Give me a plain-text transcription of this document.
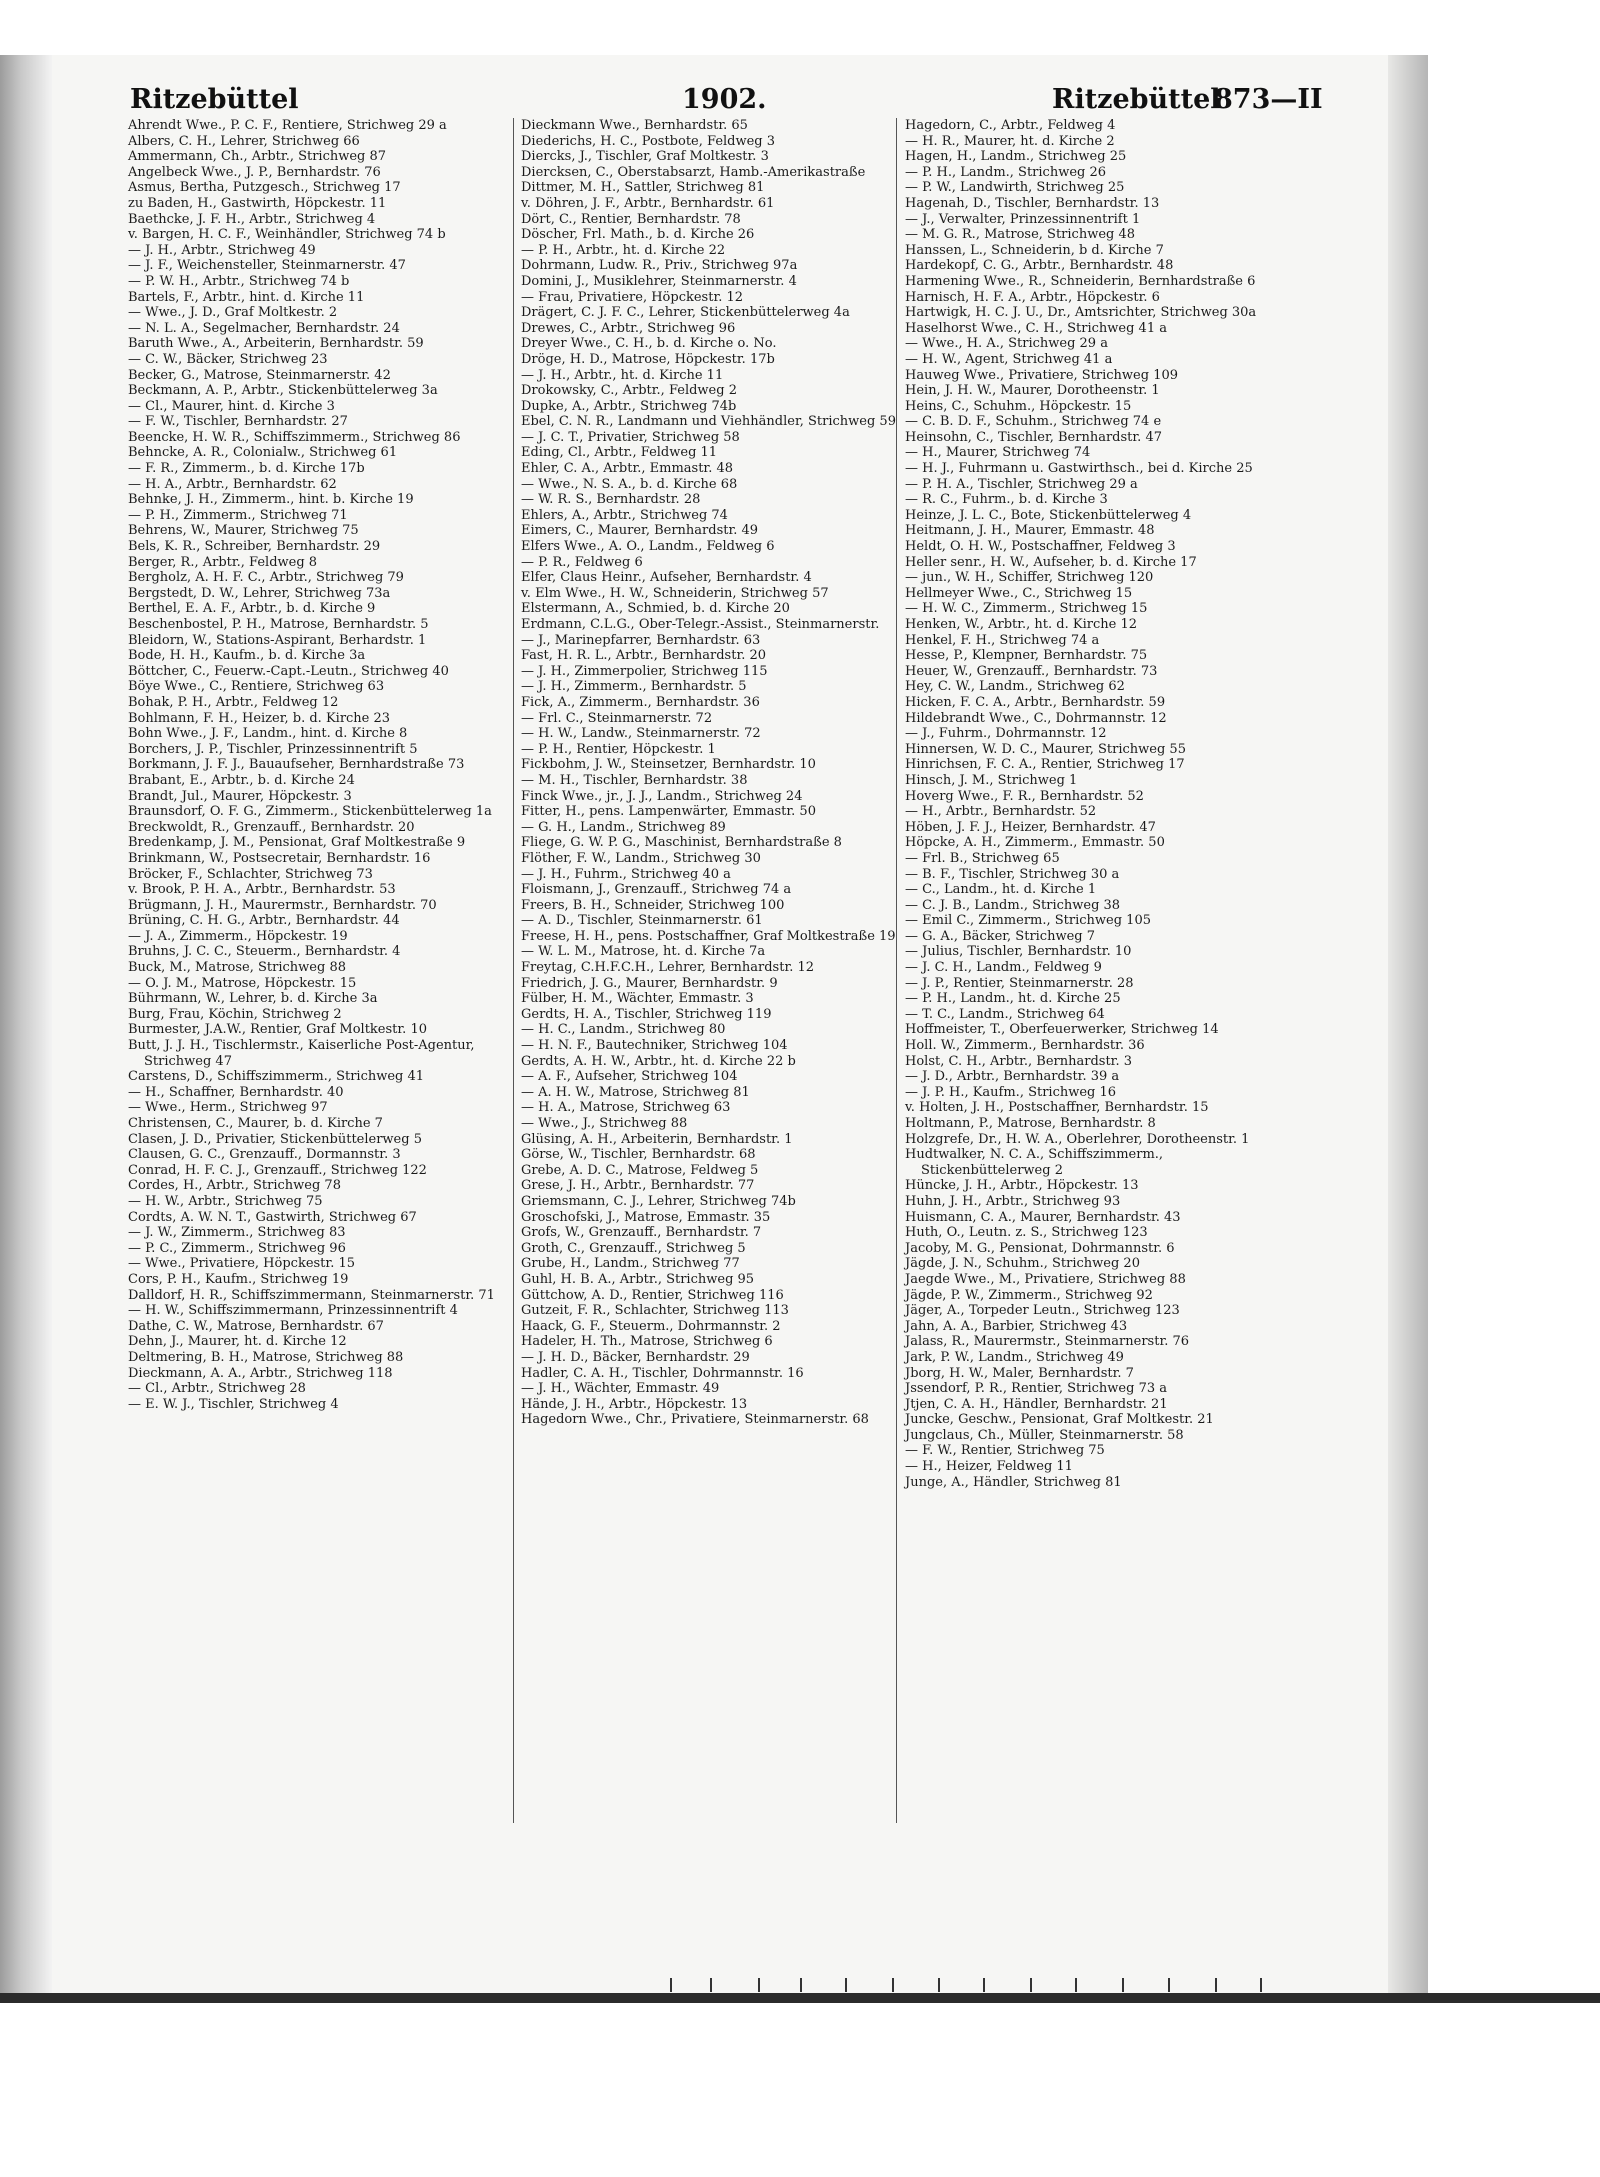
Ritzebüttel	1902.	Ritzebüttel
873—II
Ahrendt Wwe., P. C. F., Rentiere, Strichweg 29 a
Albers, C. H., Lehrer, Strichweg 66
Ammermann, Ch., Arbtr., Strichweg 87
Angelbeck Wwe., J. P., Bernhardstr. 76
Asmus, Bertha, Putzgesch., Strichweg 17
zu Baden, H., Gastwirth, Höpckestr. 11
Baethcke, J. F. H., Arbtr., Strichweg 4
v. Bargen, H. C. F., Weinhändler, Strichweg 74 b
— J. H., Arbtr., Strichweg 49
— J. F., Weichensteller, Steinmarnerstr. 47
— P. W. H., Arbtr., Strichweg 74 b
Bartels, F., Arbtr., hint. d. Kirche 11
— Wwe., J. D., Graf Moltkestr. 2
— N. L. A., Segelmacher, Bernhardstr. 24
Baruth Wwe., A., Arbeiterin, Bernhardstr. 59
— C. W., Bäcker, Strichweg 23
Becker, G., Matrose, Steinmarnerstr. 42
Beckmann, A. P., Arbtr., Stickenbüttelerweg 3a
— Cl., Maurer, hint. d. Kirche 3
— F. W., Tischler, Bernhardstr. 27
Beencke, H. W. R., Schiffszimmerm., Strichweg 86
Behncke, A. R., Colonialw., Strichweg 61
— F. R., Zimmerm., b. d. Kirche 17b
— H. A., Arbtr., Bernhardstr. 62
Behnke, J. H., Zimmerm., hint. b. Kirche 19
— P. H., Zimmerm., Strichweg 71
Behrens, W., Maurer, Strichweg 75
Bels, K. R., Schreiber, Bernhardstr. 29
Berger, R., Arbtr., Feldweg 8
Bergholz, A. H. F. C., Arbtr., Strichweg 79
Bergstedt, D. W., Lehrer, Strichweg 73a
Berthel, E. A. F., Arbtr., b. d. Kirche 9
Beschenbostel, P. H., Matrose, Bernhardstr. 5
Bleidorn, W., Stations-Aspirant, Berhardstr. 1
Bode, H. H., Kaufm., b. d. Kirche 3a
Böttcher, C., Feuerw.-Capt.-Leutn., Strichweg 40
Böye Wwe., C., Rentiere, Strichweg 63
Bohak, P. H., Arbtr., Feldweg 12
Bohlmann, F. H., Heizer, b. d. Kirche 23
Bohn Wwe., J. F., Landm., hint. d. Kirche 8
Borchers, J. P., Tischler, Prinzessinnentrift 5
Borkmann, J. F. J., Bauaufseher, Bernhardstraße 73
Brabant, E., Arbtr., b. d. Kirche 24
Brandt, Jul., Maurer, Höpckestr. 3
Braunsdorf, O. F. G., Zimmerm., Stickenbüttelerweg 1a
Breckwoldt, R., Grenzauff., Bernhardstr. 20
Bredenkamp, J. M., Pensionat, Graf Moltkestraße 9
Brinkmann, W., Postsecretair, Bernhardstr. 16
Bröcker, F., Schlachter, Strichweg 73
v. Brook, P. H. A., Arbtr., Bernhardstr. 53
Brügmann, J. H., Maurermstr., Bernhardstr. 70
Brüning, C. H. G., Arbtr., Bernhardstr. 44
— J. A., Zimmerm., Höpckestr. 19
Bruhns, J. C. C., Steuerm., Bernhardstr. 4
Buck, M., Matrose, Strichweg 88
— O. J. M., Matrose, Höpckestr. 15
Bührmann, W., Lehrer, b. d. Kirche 3a
Burg, Frau, Köchin, Strichweg 2
Burmester, J.A.W., Rentier, Graf Moltkestr. 10
Butt, J. J. H., Tischlermstr., Kaiserliche Post-Agentur, Strichweg 47
Carstens, D., Schiffszimmerm., Strichweg 41
— H., Schaffner, Bernhardstr. 40
— Wwe., Herm., Strichweg 97
Christensen, C., Maurer, b. d. Kirche 7
Clasen, J. D., Privatier, Stickenbüttelerweg 5
Clausen, G. C., Grenzauff., Dormannstr. 3
Conrad, H. F. C. J., Grenzauff., Strichweg 122
Cordes, H., Arbtr., Strichweg 78
— H. W., Arbtr., Strichweg 75
Cordts, A. W. N. T., Gastwirth, Strichweg 67
— J. W., Zimmerm., Strichweg 83
— P. C., Zimmerm., Strichweg 96
— Wwe., Privatiere, Höpckestr. 15
Cors, P. H., Kaufm., Strichweg 19
Dalldorf, H. R., Schiffszimmermann, Steinmarnerstr. 71
— H. W., Schiffszimmermann, Prinzessinnentrift 4
Dathe, C. W., Matrose, Bernhardstr. 67
Dehn, J., Maurer, ht. d. Kirche 12
Deltmering, B. H., Matrose, Strichweg 88
Dieckmann, A. A., Arbtr., Strichweg 118
— Cl., Arbtr., Strichweg 28
— E. W. J., Tischler, Strichweg 4
Dieckmann Wwe., Bernhardstr. 65
Diederichs, H. C., Postbote, Feldweg 3
Diercks, J., Tischler, Graf Moltkestr. 3
Diercksen, C., Oberstabsarzt, Hamb.-Amerikastraße
Dittmer, M. H., Sattler, Strichweg 81
v. Döhren, J. F., Arbtr., Bernhardstr. 61
Dört, C., Rentier, Bernhardstr. 78
Döscher, Frl. Math., b. d. Kirche 26
— P. H., Arbtr., ht. d. Kirche 22
Dohrmann, Ludw. R., Priv., Strichweg 97a
Domini, J., Musiklehrer, Steinmarnerstr. 4
— Frau, Privatiere, Höpckestr. 12
Drägert, C. J. F. C., Lehrer, Stickenbüttelerweg 4a
Drewes, C., Arbtr., Strichweg 96
Dreyer Wwe., C. H., b. d. Kirche o. No.
Dröge, H. D., Matrose, Höpckestr. 17b
— J. H., Arbtr., ht. d. Kirche 11
Drokowsky, C., Arbtr., Feldweg 2
Dupke, A., Arbtr., Strichweg 74b
Ebel, C. N. R., Landmann und Viehhändler, Strichweg 59
— J. C. T., Privatier, Strichweg 58
Eding, Cl., Arbtr., Feldweg 11
Ehler, C. A., Arbtr., Emmastr. 48
— Wwe., N. S. A., b. d. Kirche 68
— W. R. S., Bernhardstr. 28
Ehlers, A., Arbtr., Strichweg 74
Eimers, C., Maurer, Bernhardstr. 49
Elfers Wwe., A. O., Landm., Feldweg 6
— P. R., Feldweg 6
Elfer, Claus Heinr., Aufseher, Bernhardstr. 4
v. Elm Wwe., H. W., Schneiderin, Strichweg 57
Elstermann, A., Schmied, b. d. Kirche 20
Erdmann, C.L.G., Ober-Telegr.-Assist., Steinmarnerstr.
— J., Marinepfarrer, Bernhardstr. 63
Fast, H. R. L., Arbtr., Bernhardstr. 20
— J. H., Zimmerpolier, Strichweg 115
— J. H., Zimmerm., Bernhardstr. 5
Fick, A., Zimmerm., Bernhardstr. 36
— Frl. C., Steinmarnerstr. 72
— H. W., Landw., Steinmarnerstr. 72
— P. H., Rentier, Höpckestr. 1
Fickbohm, J. W., Steinsetzer, Bernhardstr. 10
— M. H., Tischler, Bernhardstr. 38
Finck Wwe., jr., J. J., Landm., Strichweg 24
Fitter, H., pens. Lampenwärter, Emmastr. 50
— G. H., Landm., Strichweg 89
Fliege, G. W. P. G., Maschinist, Bernhardstraße 8
Flöther, F. W., Landm., Strichweg 30
— J. H., Fuhrm., Strichweg 40 a
Floismann, J., Grenzauff., Strichweg 74 a
Freers, B. H., Schneider, Strichweg 100
— A. D., Tischler, Steinmarnerstr. 61
Freese, H. H., pens. Postschaffner, Graf Moltkestraße 19
— W. L. M., Matrose, ht. d. Kirche 7a
Freytag, C.H.F.C.H., Lehrer, Bernhardstr. 12
Friedrich, J. G., Maurer, Bernhardstr. 9
Fülber, H. M., Wächter, Emmastr. 3
Gerdts, H. A., Tischler, Strichweg 119
— H. C., Landm., Strichweg 80
— H. N. F., Bautechniker, Strichweg 104
Gerdts, A. H. W., Arbtr., ht. d. Kirche 22 b
— A. F., Aufseher, Strichweg 104
— A. H. W., Matrose, Strichweg 81
— H. A., Matrose, Strichweg 63
— Wwe., J., Strichweg 88
Glüsing, A. H., Arbeiterin, Bernhardstr. 1
Görse, W., Tischler, Bernhardstr. 68
Grebe, A. D. C., Matrose, Feldweg 5
Grese, J. H., Arbtr., Bernhardstr. 77
Griemsmann, C. J., Lehrer, Strichweg 74b
Groschofski, J., Matrose, Emmastr. 35
Grofs, W., Grenzauff., Bernhardstr. 7
Groth, C., Grenzauff., Strichweg 5
Grube, H., Landm., Strichweg 77
Guhl, H. B. A., Arbtr., Strichweg 95
Güttchow, A. D., Rentier, Strichweg 116
Gutzeit, F. R., Schlachter, Strichweg 113
Haack, G. F., Steuerm., Dohrmannstr. 2
Hadeler, H. Th., Matrose, Strichweg 6
— J. H. D., Bäcker, Bernhardstr. 29
Hadler, C. A. H., Tischler, Dohrmannstr. 16
— J. H., Wächter, Emmastr. 49
Hände, J. H., Arbtr., Höpckestr. 13
Hagedorn Wwe., Chr., Privatiere, Steinmarnerstr. 68
Hagedorn, C., Arbtr., Feldweg 4
— H. R., Maurer, ht. d. Kirche 2
Hagen, H., Landm., Strichweg 25
— P. H., Landm., Strichweg 26
— P. W., Landwirth, Strichweg 25
Hagenah, D., Tischler, Bernhardstr. 13
— J., Verwalter, Prinzessinnentrift 1
— M. G. R., Matrose, Strichweg 48
Hanssen, L., Schneiderin, b d. Kirche 7
Hardekopf, C. G., Arbtr., Bernhardstr. 48
Harmening Wwe., R., Schneiderin, Bernhardstraße 6
Harnisch, H. F. A., Arbtr., Höpckestr. 6
Hartwigk, H. C. J. U., Dr., Amtsrichter, Strichweg 30a
Haselhorst Wwe., C. H., Strichweg 41 a
— Wwe., H. A., Strichweg 29 a
— H. W., Agent, Strichweg 41 a
Hauweg Wwe., Privatiere, Strichweg 109
Hein, J. H. W., Maurer, Dorotheenstr. 1
Heins, C., Schuhm., Höpckestr. 15
— C. B. D. F., Schuhm., Strichweg 74 e
Heinsohn, C., Tischler, Bernhardstr. 47
— H., Maurer, Strichweg 74
— H. J., Fuhrmann u. Gastwirthsch., bei d. Kirche 25
— P. H. A., Tischler, Strichweg 29 a
— R. C., Fuhrm., b. d. Kirche 3
Heinze, J. L. C., Bote, Stickenbüttelerweg 4
Heitmann, J. H., Maurer, Emmastr. 48
Heldt, O. H. W., Postschaffner, Feldweg 3
Heller senr., H. W., Aufseher, b. d. Kirche 17
— jun., W. H., Schiffer, Strichweg 120
Hellmeyer Wwe., C., Strichweg 15
— H. W. C., Zimmerm., Strichweg 15
Henken, W., Arbtr., ht. d. Kirche 12
Henkel, F. H., Strichweg 74 a
Hesse, P., Klempner, Bernhardstr. 75
Heuer, W., Grenzauff., Bernhardstr. 73
Hey, C. W., Landm., Strichweg 62
Hicken, F. C. A., Arbtr., Bernhardstr. 59
Hildebrandt Wwe., C., Dohrmannstr. 12
— J., Fuhrm., Dohrmannstr. 12
Hinnersen, W. D. C., Maurer, Strichweg 55
Hinrichsen, F. C. A., Rentier, Strichweg 17
Hinsch, J. M., Strichweg 1
Hoverg Wwe., F. R., Bernhardstr. 52
— H., Arbtr., Bernhardstr. 52
Höben, J. F. J., Heizer, Bernhardstr. 47
Höpcke, A. H., Zimmerm., Emmastr. 50
— Frl. B., Strichweg 65
— B. F., Tischler, Strichweg 30 a
— C., Landm., ht. d. Kirche 1
— C. J. B., Landm., Strichweg 38
— Emil C., Zimmerm., Strichweg 105
— G. A., Bäcker, Strichweg 7
— Julius, Tischler, Bernhardstr. 10
— J. C. H., Landm., Feldweg 9
— J. P., Rentier, Steinmarnerstr. 28
— P. H., Landm., ht. d. Kirche 25
— T. C., Landm., Strichweg 64
Hoffmeister, T., Oberfeuerwerker, Strichweg 14
Holl. W., Zimmerm., Bernhardstr. 36
Holst, C. H., Arbtr., Bernhardstr. 3
— J. D., Arbtr., Bernhardstr. 39 a
— J. P. H., Kaufm., Strichweg 16
v. Holten, J. H., Postschaffner, Bernhardstr. 15
Holtmann, P., Matrose, Bernhardstr. 8
Holzgrefe, Dr., H. W. A., Oberlehrer, Dorotheenstr. 1
Hudtwalker, N. C. A., Schiffszimmerm., Stickenbüttelerweg 2
Hüncke, J. H., Arbtr., Höpckestr. 13
Huhn, J. H., Arbtr., Strichweg 93
Huismann, C. A., Maurer, Bernhardstr. 43
Huth, O., Leutn. z. S., Strichweg 123
Jacoby, M. G., Pensionat, Dohrmannstr. 6
Jägde, J. N., Schuhm., Strichweg 20
Jaegde Wwe., M., Privatiere, Strichweg 88
Jägde, P. W., Zimmerm., Strichweg 92
Jäger, A., Torpeder Leutn., Strichweg 123
Jahn, A. A., Barbier, Strichweg 43
Jalass, R., Maurermstr., Steinmarnerstr. 76
Jark, P. W., Landm., Strichweg 49
Jborg, H. W., Maler, Bernhardstr. 7
Jssendorf, P. R., Rentier, Strichweg 73 a
Jtjen, C. A. H., Händler, Bernhardstr. 21
Juncke, Geschw., Pensionat, Graf Moltkestr. 21
Jungclaus, Ch., Müller, Steinmarnerstr. 58
— F. W., Rentier, Strichweg 75
— H., Heizer, Feldweg 11
Junge, A., Händler, Strichweg 81
